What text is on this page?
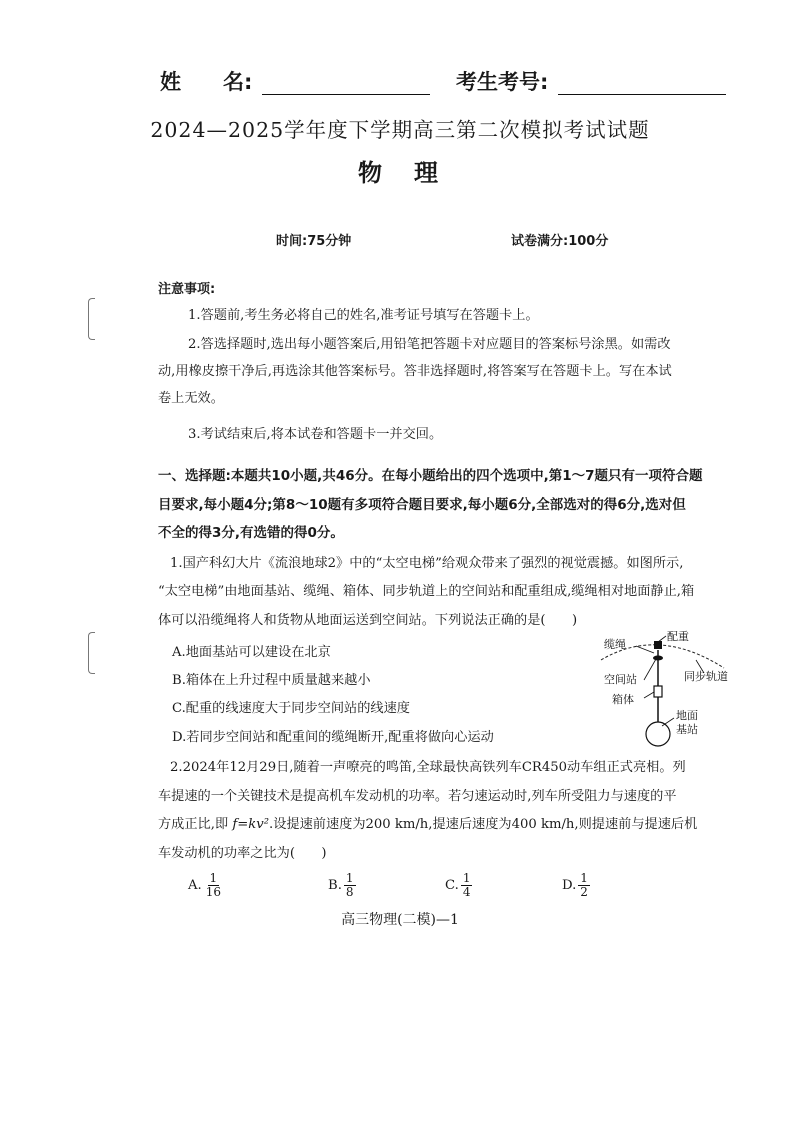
姓　　名:	考生考号:
2024—2025学年度下学期高三第二次模拟考试试题
物　理
时间:75分钟	试卷满分:100分
注意事项:
1.答题前,考生务必将自己的姓名,准考证号填写在答题卡上。
2.答选择题时,选出每小题答案后,用铅笔把答题卡对应题目的答案标号涂黑。如需改
动,用橡皮擦干净后,再选涂其他答案标号。答非选择题时,将答案写在答题卡上。写在本试
卷上无效。
3.考试结束后,将本试卷和答题卡一并交回。
一、选择题:本题共10小题,共46分。在每小题给出的四个选项中,第1～7题只有一项符合题
目要求,每小题4分;第8～10题有多项符合题目要求,每小题6分,全部选对的得6分,选对但
不全的得3分,有选错的得0分。
1.国产科幻大片《流浪地球2》中的“太空电梯”给观众带来了强烈的视觉震撼。如图所示,
“太空电梯”由地面基站、缆绳、箱体、同步轨道上的空间站和配重组成,缆绳相对地面静止,箱
体可以沿缆绳将人和货物从地面运送到空间站。下列说法正确的是(　　)
A.地面基站可以建设在北京
B.箱体在上升过程中质量越来越小
C.配重的线速度大于同步空间站的线速度
D.若同步空间站和配重间的缆绳断开,配重将做向心运动
缆绳
配重
同步轨道
空间站
箱体
地面
基站
2.2024年12月29日,随着一声嘹亮的鸣笛,全球最快高铁列车CR450动车组正式亮相。列
车提速的一个关键技术是提高机车发动机的功率。若匀速运动时,列车所受阻力与速度的平
方成正比,即 f=kv².设提速前速度为200 km/h,提速后速度为400 km/h,则提速前与提速后机
车发动机的功率之比为(　　)
A. $\frac{1}{16}$	B. $\frac{1}{8}$	C. $\frac{1}{4}$	D. $\frac{1}{2}$
高三物理(二模)—1
